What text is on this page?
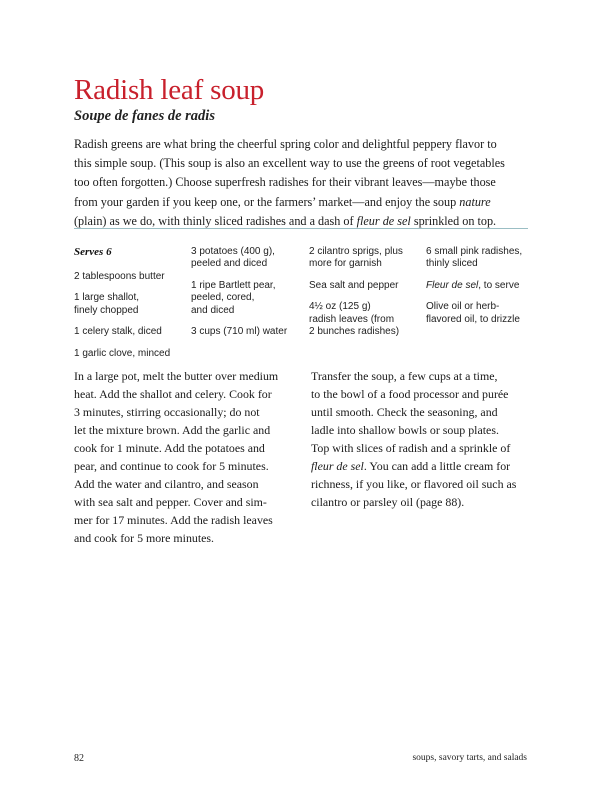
Radish leaf soup
Soupe de fanes de radis

Radish greens are what bring the cheerful spring color and delightful peppery flavor to
this simple soup. (This soup is also an excellent way to use the greens of root vegetables
too often forgotten.) Choose superfresh radishes for their vibrant leaves—maybe those
from your garden if you keep one, or the farmers’ market—and enjoy the soup nature
(plain) as we do, with thinly sliced radishes and a dash of fleur de sel sprinkled on top.

Serves 6
2 tablespoons butter
1 large shallot,
finely chopped
1 celery stalk, diced
1 garlic clove, minced
3 potatoes (400 g),
peeled and diced
1 ripe Bartlett pear,
peeled, cored,
and diced
3 cups (710 ml) water
2 cilantro sprigs, plus
more for garnish
Sea salt and pepper
4½ oz (125 g)
radish leaves (from
2 bunches radishes)
6 small pink radishes,
thinly sliced
Fleur de sel, to serve
Olive oil or herb-
flavored oil, to drizzle

In a large pot, melt the butter over medium
heat. Add the shallot and celery. Cook for
3 minutes, stirring occasionally; do not
let the mixture brown. Add the garlic and
cook for 1 minute. Add the potatoes and
pear, and continue to cook for 5 minutes.
Add the water and cilantro, and season
with sea salt and pepper. Cover and sim-
mer for 17 minutes. Add the radish leaves
and cook for 5 more minutes.

Transfer the soup, a few cups at a time,
to the bowl of a food processor and purée
until smooth. Check the seasoning, and
ladle into shallow bowls or soup plates.
Top with slices of radish and a sprinkle of
fleur de sel. You can add a little cream for
richness, if you like, or flavored oil such as
cilantro or parsley oil (page 88).

82	soups, savory tarts, and salads
